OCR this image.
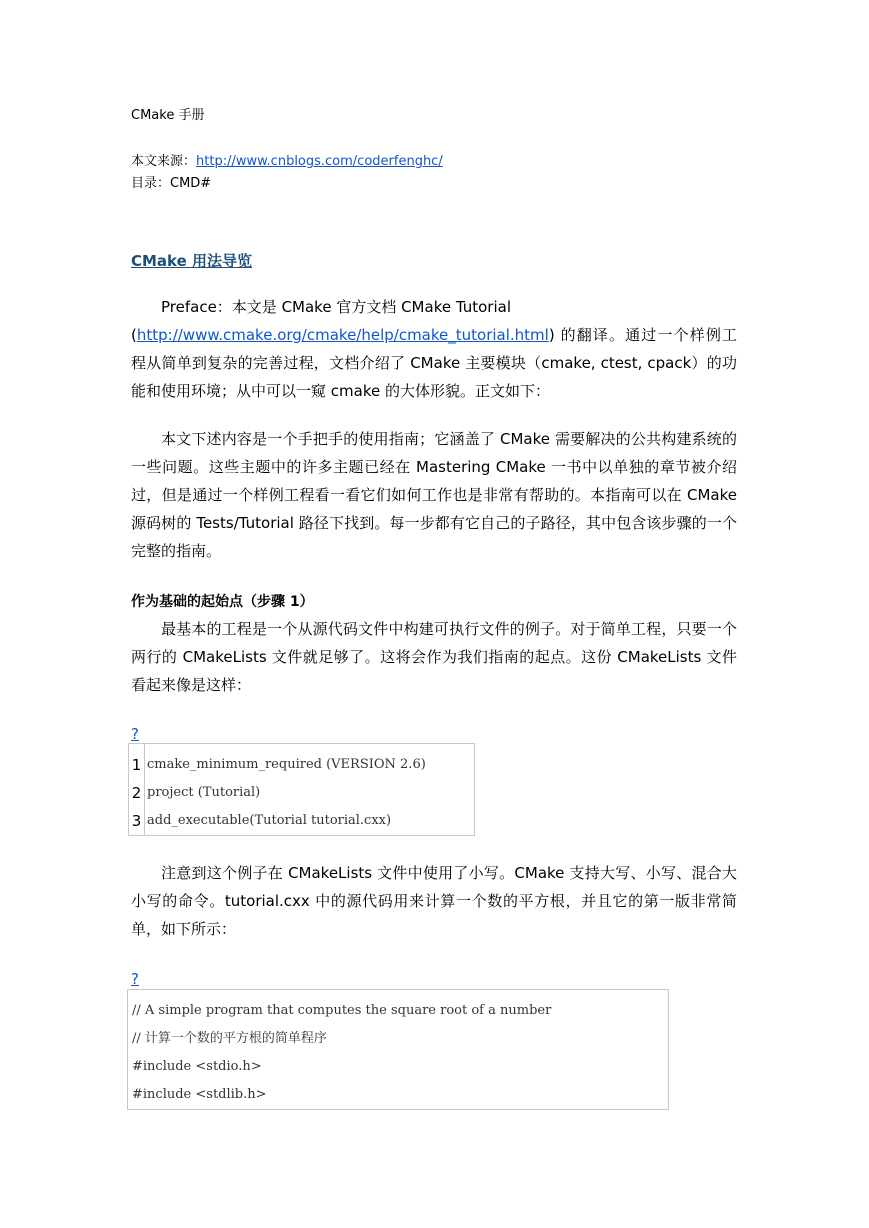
CMake 手册
本文来源：http://www.cnblogs.com/coderfenghc/
目录：CMD#
CMake 用法导览
Preface：本文是 CMake 官方文档 CMake Tutorial
(http://www.cmake.org/cmake/help/cmake_tutorial.html) 的翻译。通过一个样例工程从简单到复杂的完善过程，文档介绍了 CMake 主要模块（cmake, ctest, cpack）的功能和使用环境；从中可以一窥 cmake 的大体形貌。正文如下：
本文下述内容是一个手把手的使用指南；它涵盖了 CMake 需要解决的公共构建系统的一些问题。这些主题中的许多主题已经在 Mastering CMake 一书中以单独的章节被介绍过，但是通过一个样例工程看一看它们如何工作也是非常有帮助的。本指南可以在 CMake 源码树的 Tests/Tutorial 路径下找到。每一步都有它自己的子路径，其中包含该步骤的一个完整的指南。
作为基础的起始点（步骤 1）
最基本的工程是一个从源代码文件中构建可执行文件的例子。对于简单工程，只要一个两行的 CMakeLists 文件就足够了。这将会作为我们指南的起点。这份 CMakeLists 文件看起来像是这样：
?
1 cmake_minimum_required (VERSION 2.6)
2 project (Tutorial)
3 add_executable(Tutorial tutorial.cxx)
注意到这个例子在 CMakeLists 文件中使用了小写。CMake 支持大写、小写、混合大小写的命令。tutorial.cxx 中的源代码用来计算一个数的平方根，并且它的第一版非常简单，如下所示：
?
// A simple program that computes the square root of a number
// 计算一个数的平方根的简单程序
#include <stdio.h>
#include <stdlib.h>
